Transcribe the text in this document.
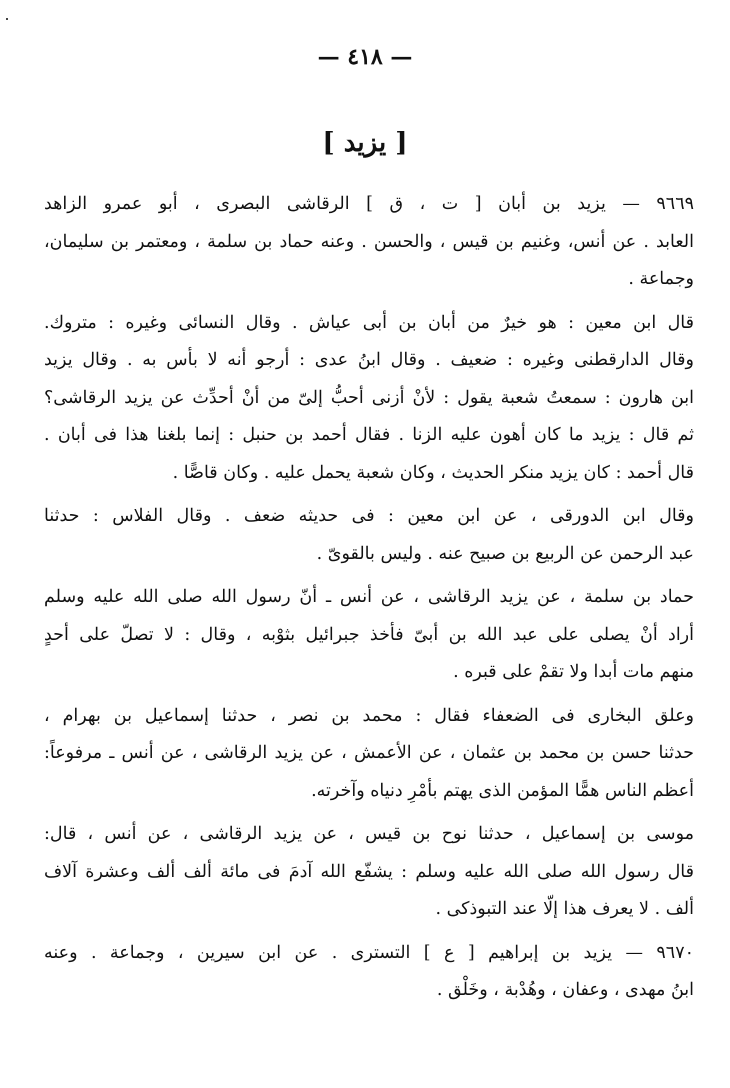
— ٤١٨ —
[ يزيد ]
٩٦٦٩ — يزيد بن أبان [ ت ، ق ] الرقاشى البصرى ، أبو عمرو الزاهد
العابد . عن أنس، وغنيم بن قيس ، والحسن . وعنه حماد بن سلمة ، ومعتمر بن سليمان،
وجماعة .
قال ابن معين : هو خيرٌ من أبان بن أبى عياش . وقال النسائى وغيره : متروك.
وقال الدارقطنى وغيره : ضعيف . وقال ابنُ عدى : أرجو أنه لا بأس به . وقال يزيد
ابن هارون : سمعتُ شعبة يقول : لأنْ أزنى أحبُّ إلىّ من أنْ أحدِّث عن يزيد الرقاشى؟
ثم قال : يزيد ما كان أهون عليه الزنا . فقال أحمد بن حنبل : إنما بلغنا هذا فى أبان .
قال أحمد : كان يزيد منكر الحديث ، وكان شعبة يحمل عليه . وكان قاصًّا .
وقال ابن الدورقى ، عن ابن معين : فى حديثه ضعف . وقال الفلاس : حدثنا
عبد الرحمن عن الربيع بن صبيح عنه . وليس بالقوىّ .
حماد بن سلمة ، عن يزيد الرقاشى ، عن أنس ـ أنّ رسول الله صلى الله عليه وسلم
أراد أنْ يصلى على عبد الله بن أبىّ فأخذ جبرائيل بثوْبه ، وقال : لا تصلّ على أحدٍ
منهم مات أبدا ولا تقمْ على قبره .
وعلق البخارى فى الضعفاء فقال : محمد بن نصر ، حدثنا إسماعيل بن بهرام ،
حدثنا حسن بن محمد بن عثمان ، عن الأعمش ، عن يزيد الرقاشى ، عن أنس ـ مرفوعاً:
أعظم الناس همًّا المؤمن الذى يهتم بأمْرِ دنياه وآخرته.
موسى بن إسماعيل ، حدثنا نوح بن قيس ، عن يزيد الرقاشى ، عن أنس ، قال:
قال رسول الله صلى الله عليه وسلم : يشفّع الله آدمَ فى مائة ألف ألف وعشرة آلاف
ألف . لا يعرف هذا إلّا عند التبوذكى .
٩٦٧٠ — يزيد بن إبراهيم [ ع ] التسترى . عن ابن سيرين ، وجماعة . وعنه
ابنُ مهدى ، وعفان ، وهُدْبة ، وخَلْق .
